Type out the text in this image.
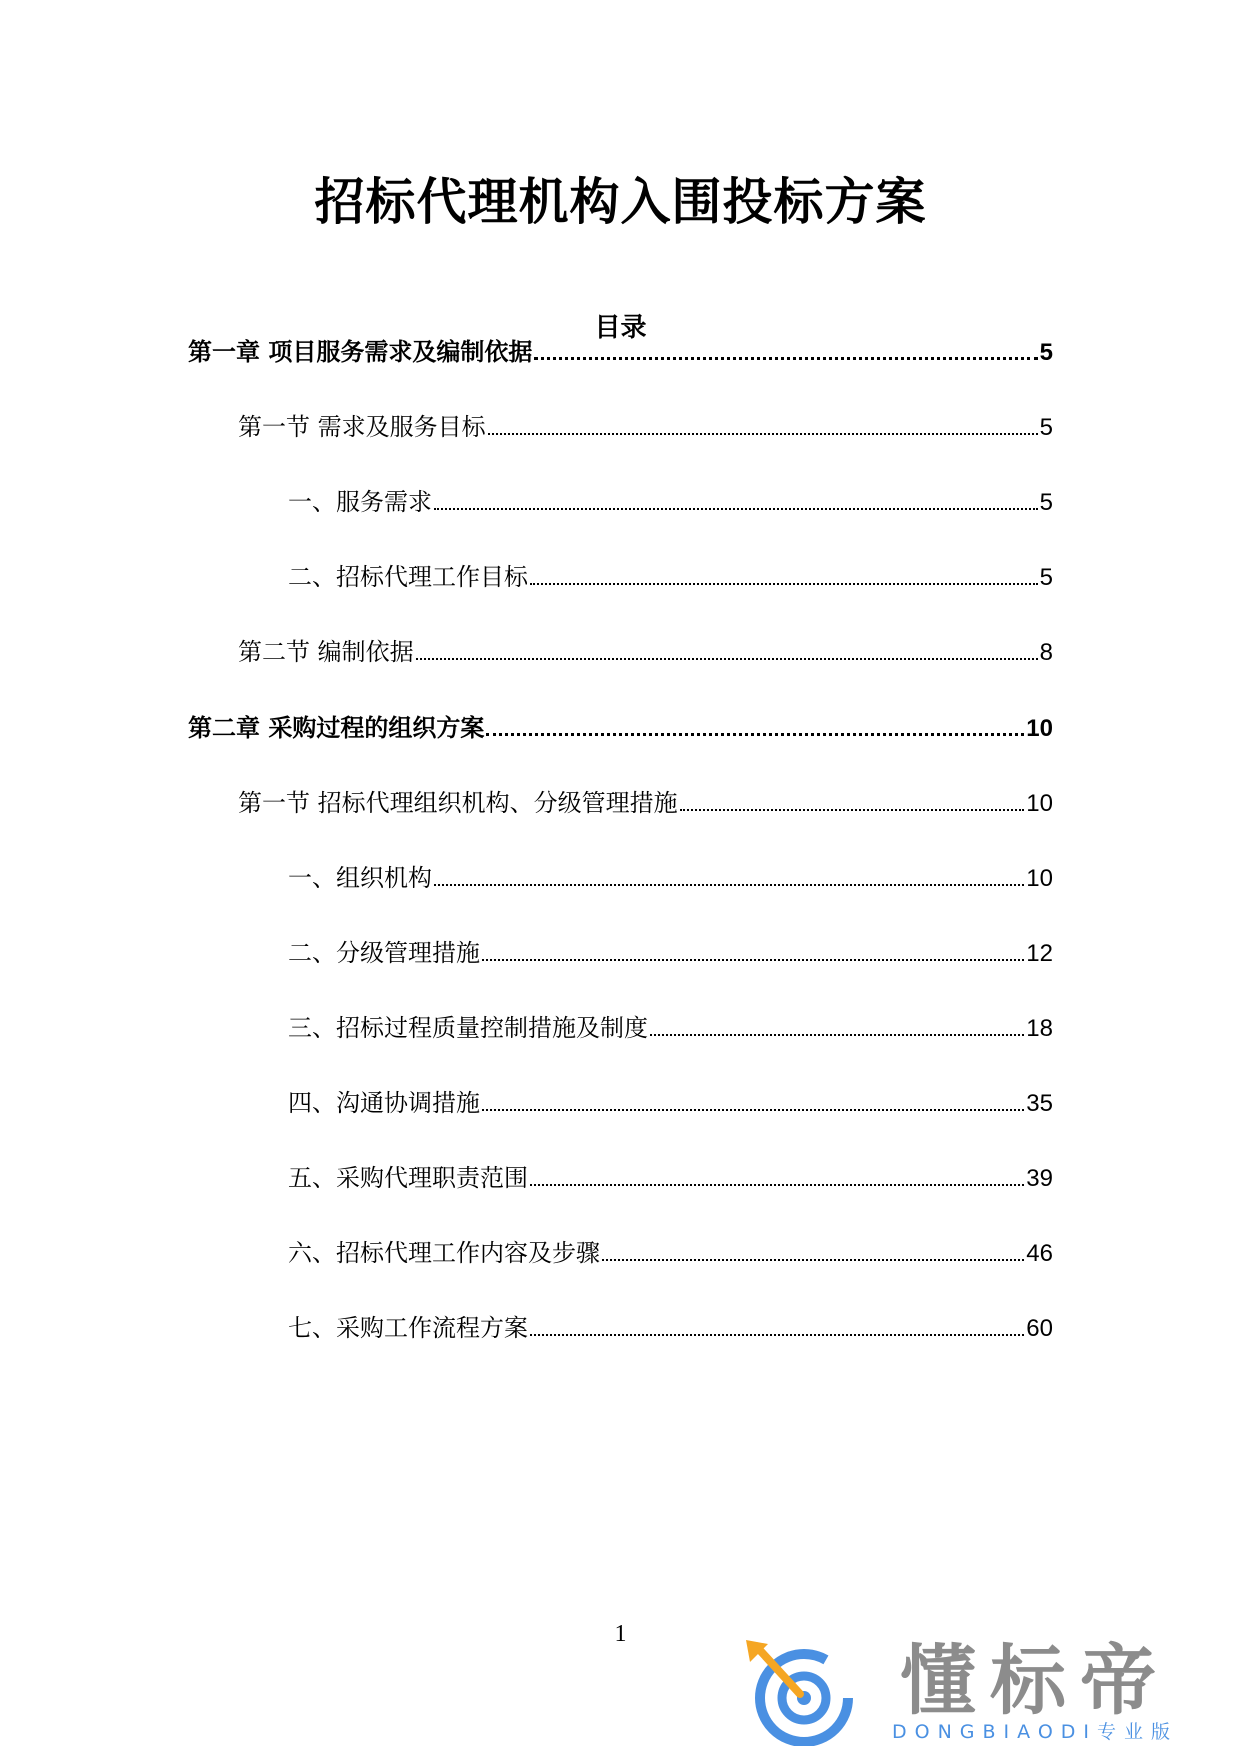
招标代理机构入围投标方案
目录
第一章 项目服务需求及编制依据	5
第一节 需求及服务目标	5
一、服务需求	5
二、招标代理工作目标	5
第二节 编制依据	8
第二章 采购过程的组织方案	10
第一节 招标代理组织机构、分级管理措施	10
一、组织机构	10
二、分级管理措施	12
三、招标过程质量控制措施及制度	18
四、沟通协调措施	35
五、采购代理职责范围	39
六、招标代理工作内容及步骤	46
七、采购工作流程方案	60
1
懂标帝
DONGBIAODI专业版
